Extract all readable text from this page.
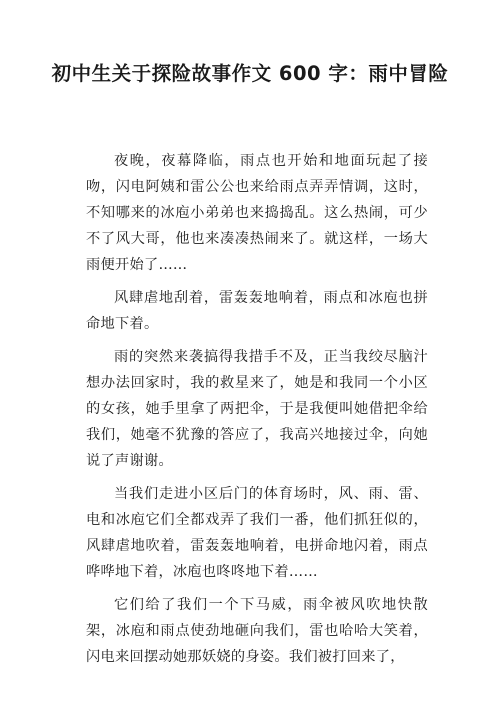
初中生关于探险故事作文 600 字：雨中冒险

夜晚，夜幕降临，雨点也开始和地面玩起了接吻，闪电阿姨和雷公公也来给雨点弄弄情调，这时，不知哪来的冰庖小弟弟也来捣捣乱。这么热闹，可少不了风大哥，他也来凑凑热闹来了。就这样，一场大雨便开始了……

风肆虐地刮着，雷轰轰地响着，雨点和冰庖也拼命地下着。

雨的突然来袭搞得我措手不及，正当我绞尽脑汁想办法回家时，我的救星来了，她是和我同一个小区的女孩，她手里拿了两把伞，于是我便叫她借把伞给我们，她毫不犹豫的答应了，我高兴地接过伞，向她说了声谢谢。

当我们走进小区后门的体育场时，风、雨、雷、电和冰庖它们全都戏弄了我们一番，他们抓狂似的，风肆虐地吹着，雷轰轰地响着，电拼命地闪着，雨点哗哗地下着，冰庖也咚咚地下着……

它们给了我们一个下马威，雨伞被风吹地快散架，冰庖和雨点使劲地砸向我们，雷也哈哈大笑着，闪电来回摆动她那妖娆的身姿。我们被打回来了，
